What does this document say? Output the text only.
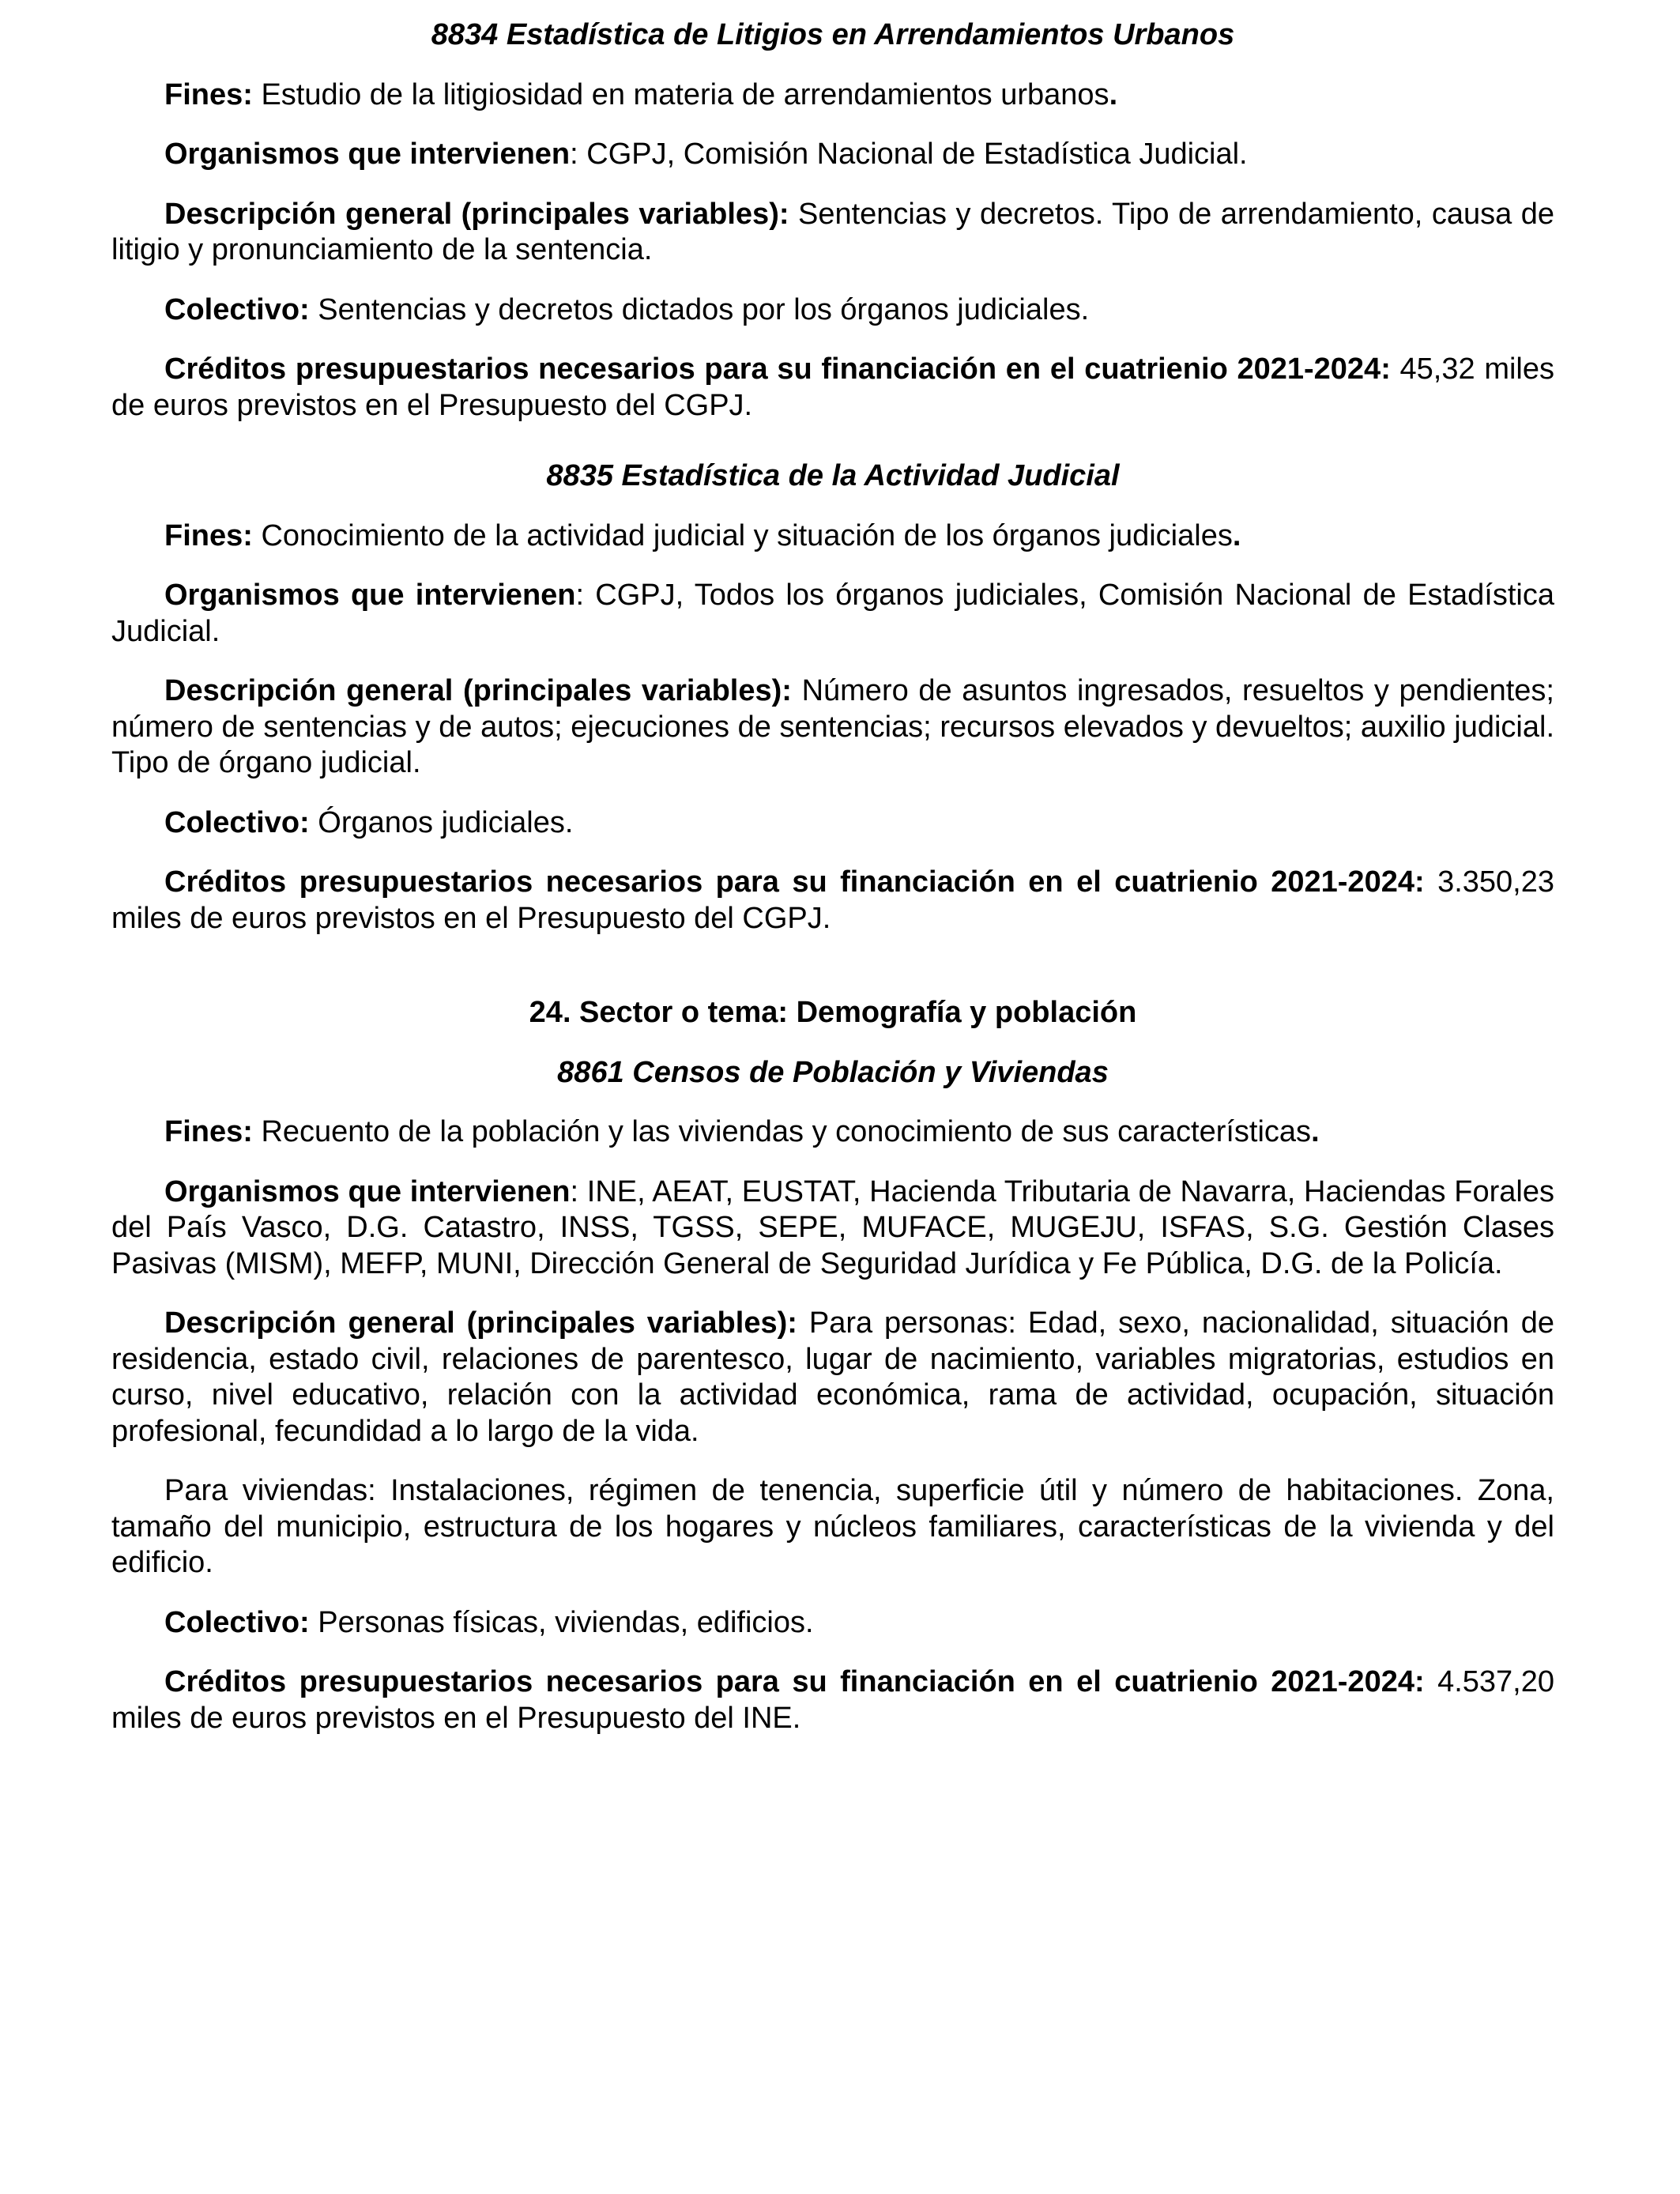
8834 Estadística de Litigios en Arrendamientos Urbanos

Fines: Estudio de la litigiosidad en materia de arrendamientos urbanos.

Organismos que intervienen: CGPJ, Comisión Nacional de Estadística Judicial.

Descripción general (principales variables): Sentencias y decretos. Tipo de arrendamiento, causa de litigio y pronunciamiento de la sentencia.

Colectivo: Sentencias y decretos dictados por los órganos judiciales.

Créditos presupuestarios necesarios para su financiación en el cuatrienio 2021-2024: 45,32 miles de euros previstos en el Presupuesto del CGPJ.

8835 Estadística de la Actividad Judicial

Fines: Conocimiento de la actividad judicial y situación de los órganos judiciales.

Organismos que intervienen: CGPJ, Todos los órganos judiciales, Comisión Nacional de Estadística Judicial.

Descripción general (principales variables): Número de asuntos ingresados, resueltos y pendientes; número de sentencias y de autos; ejecuciones de sentencias; recursos elevados y devueltos; auxilio judicial. Tipo de órgano judicial.

Colectivo: Órganos judiciales.

Créditos presupuestarios necesarios para su financiación en el cuatrienio 2021-2024: 3.350,23 miles de euros previstos en el Presupuesto del CGPJ.

24. Sector o tema: Demografía y población

8861 Censos de Población y Viviendas

Fines: Recuento de la población y las viviendas y conocimiento de sus características.

Organismos que intervienen: INE, AEAT, EUSTAT, Hacienda Tributaria de Navarra, Haciendas Forales del País Vasco, D.G. Catastro, INSS, TGSS, SEPE, MUFACE, MUGEJU, ISFAS, S.G. Gestión Clases Pasivas (MISM), MEFP, MUNI, Dirección General de Seguridad Jurídica y Fe Pública, D.G. de la Policía.

Descripción general (principales variables): Para personas: Edad, sexo, nacionalidad, situación de residencia, estado civil, relaciones de parentesco, lugar de nacimiento, variables migratorias, estudios en curso, nivel educativo, relación con la actividad económica, rama de actividad, ocupación, situación profesional, fecundidad a lo largo de la vida.

Para viviendas: Instalaciones, régimen de tenencia, superficie útil y número de habitaciones. Zona, tamaño del municipio, estructura de los hogares y núcleos familiares, características de la vivienda y del edificio.

Colectivo: Personas físicas, viviendas, edificios.

Créditos presupuestarios necesarios para su financiación en el cuatrienio 2021-2024: 4.537,20 miles de euros previstos en el Presupuesto del INE.
